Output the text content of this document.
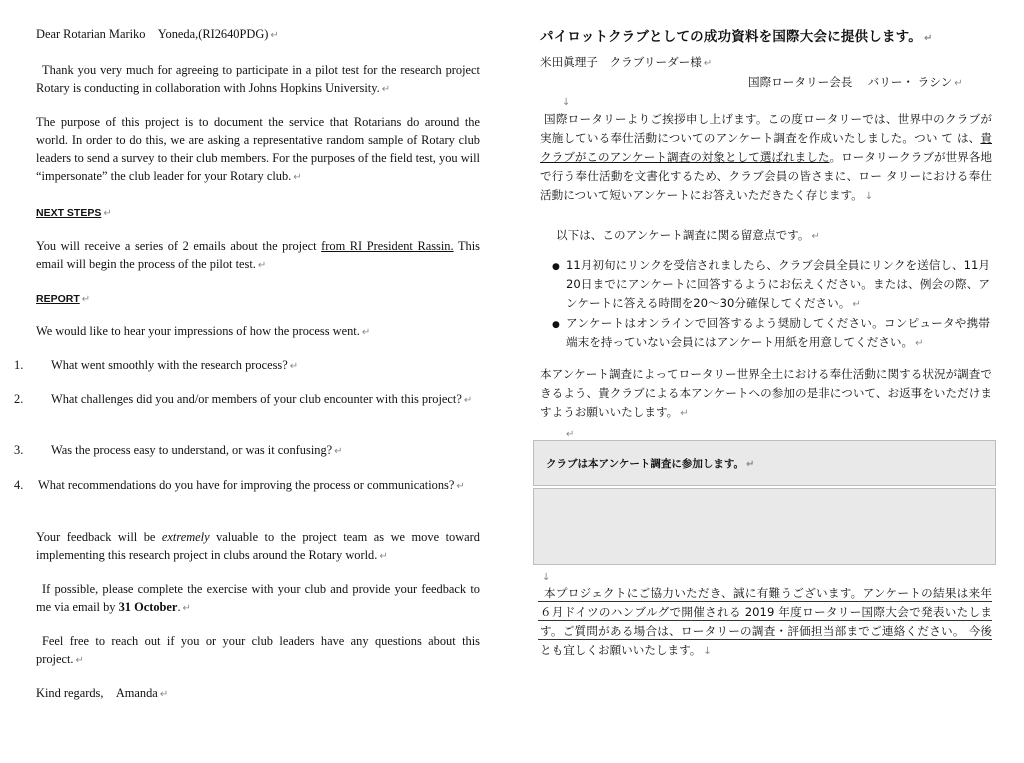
Dear Rotarian Mariko　Yoneda,(RI2640PDG) ↵

Thank you very much for agreeing to participate in a pilot test for the research project Rotary is conducting in collaboration with Johns Hopkins University. ↵

The purpose of this project is to document the service that Rotarians do around the world. In order to do this, we are asking a representative random sample of Rotary club leaders to send a survey to their club members. For the purposes of the field test, you will “impersonate” the club leader for your Rotary club. ↵

NEXT STEPS ↵

You will receive a series of 2 emails about the project from RI President Rassin. This email will begin the process of the pilot test. ↵

REPORT ↵

We would like to hear your impressions of how the process went. ↵

1. What went smoothly with the research process? ↵

2. What challenges did you and/or members of your club encounter with this project? ↵

3. Was the process easy to understand, or was it confusing? ↵

4. What recommendations do you have for improving the process or communications? ↵

Your feedback will be extremely valuable to the project team as we move toward implementing this research project in clubs around the Rotary world. ↵

If possible, please complete the exercise with your club and provide your feedback to me via email by 31 October. ↵

Feel free to reach out if you or your club leaders have any questions about this project. ↵

Kind regards,　Amanda ↵

パイロットクラブとしての成功資料を国際大会に提供します。 ↵

米田眞理子　クラブリーダー様 ↵

国際ロータリー会長　 バリー・ ラシン ↵

↓

国際ロータリーよりご挨拶申し上げます。この度ロータリーでは、世界中のクラブが実施している奉仕活動についてのアンケート調査を作成いたしました。つい て は、貴クラブがこのアンケート調査の対象として選ばれました。ロータリークラブが世界各地で行う奉仕活動を文書化するため、クラブ会員の皆さまに、ロー タリーにおける奉仕活動について短いアンケートにお答えいただきたく存じます。 ↓

以下は、このアンケート調査に関る留意点です。 ↵

● 11月初旬にリンクを受信されましたら、クラブ会員全員にリンクを送信し、11月20日までにアンケートに回答するようにお伝えください。または、例会の際、アンケートに答える時間を20～30分確保してください。 ↵

● アンケートはオンラインで回答するよう奨励してください。コンピュータや携帯端末を持っていない会員にはアンケート用紙を用意してください。 ↵

本アンケート調査によってロータリー世界全土における奉仕活動に関する状況が調査できるよう、貴クラブによる本アンケートへの参加の是非について、お返事をいただけますようお願いいたします。 ↵

↵

クラブは本アンケート調査に参加します。 ↵

↓

本プロジェクトにご協力いただき、誠に有難うございます。アンケートの結果は来年６月ドイツのハンブルグで開催される 2019 年度ロータリー国際大会で発表いたします。ご質問がある場合は、ロータリーの調査・評価担当部までご連絡ください。 今後とも宜しくお願いいたします。 ↓
